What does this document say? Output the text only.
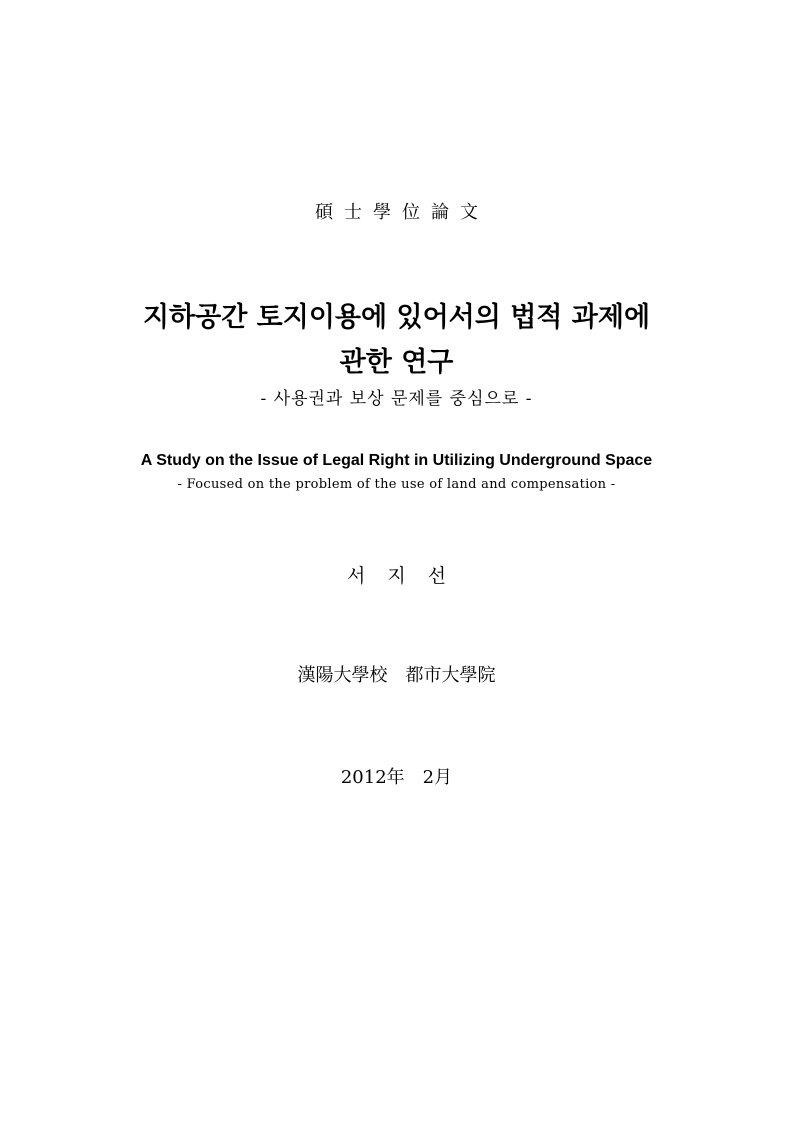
碩士學位論文
지하공간 토지이용에 있어서의 법적 과제에
관한 연구
- 사용권과 보상 문제를 중심으로 -
A Study on the Issue of Legal Right in Utilizing Underground Space
- Focused on the problem of the use of land and compensation -
서지선
漢陽大學校　都市大學院
2012年　2月
